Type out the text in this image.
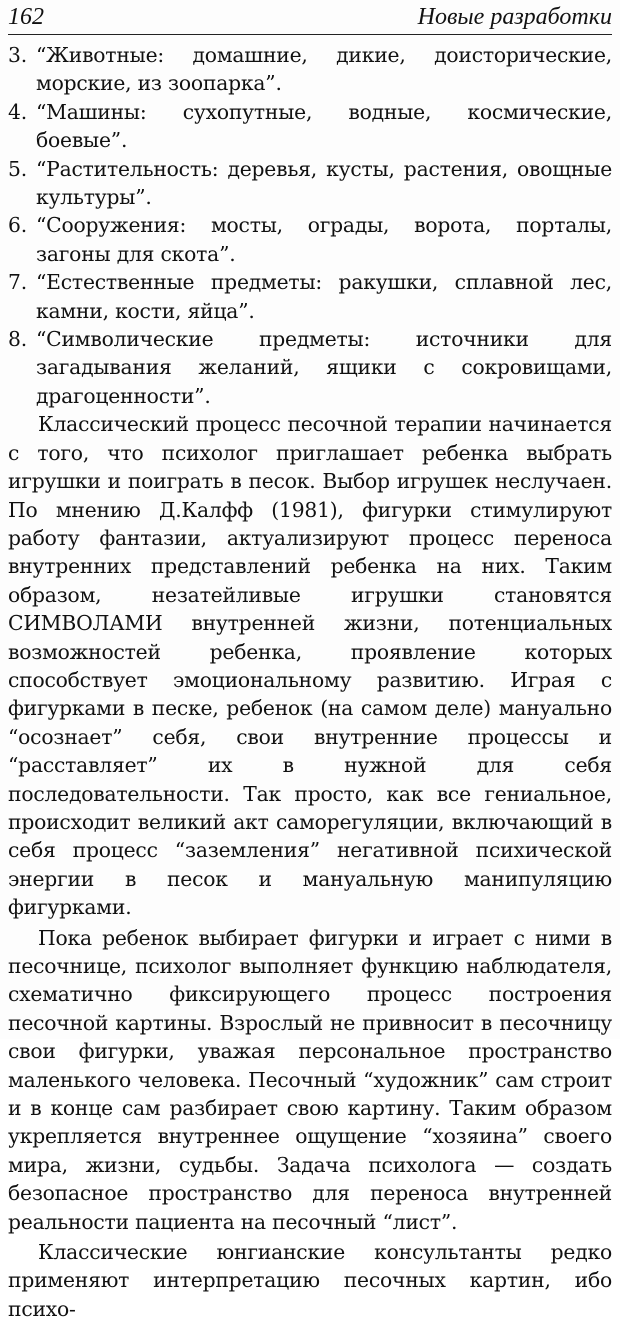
162	Новые разработки
3. “Животные: домашние, дикие, доисторические, морские, из зоопарка”.
4. “Машины: сухопутные, водные, космические, боевые”.
5. “Растительность: деревья, кусты, растения, овощные культуры”.
6. “Сооружения: мосты, ограды, ворота, порталы, загоны для скота”.
7. “Естественные предметы: ракушки, сплавной лес, камни, кости, яйца”.
8. “Символические предметы: источники для загадывания желаний, ящики с сокровищами, драгоценности”.

Классический процесс песочной терапии начинается с того, что психолог приглашает ребенка выбрать игрушки и поиграть в песок. Выбор игрушек неслучаен. По мнению Д.Калфф (1981), фигурки стимулируют работу фантазии, актуализируют процесс переноса внутренних представлений ребенка на них. Таким образом, незатейливые игрушки становятся СИМВОЛАМИ внутренней жизни, потенциальных возможностей ребенка, проявление которых способствует эмоциональному развитию. Играя с фигурками в песке, ребенок (на самом деле) мануально “осознает” себя, свои внутренние процессы и “расставляет” их в нужной для себя последовательности. Так просто, как все гениальное, происходит великий акт саморегуляции, включающий в себя процесс “заземления” негативной психической энергии в песок и мануальную манипуляцию фигурками.

Пока ребенок выбирает фигурки и играет с ними в песочнице, психолог выполняет функцию наблюдателя, схематично фиксирующего процесс построения песочной картины. Взрослый не привносит в песочницу свои фигурки, уважая персональное пространство маленького человека. Песочный “художник” сам строит и в конце сам разбирает свою картину. Таким образом укрепляется внутреннее ощущение “хозяина” своего мира, жизни, судьбы. Задача психолога — создать безопасное пространство для переноса внутренней реальности пациента на песочный “лист”.

Классические юнгианские консультанты редко применяют интерпретацию песочных картин, ибо психо-
